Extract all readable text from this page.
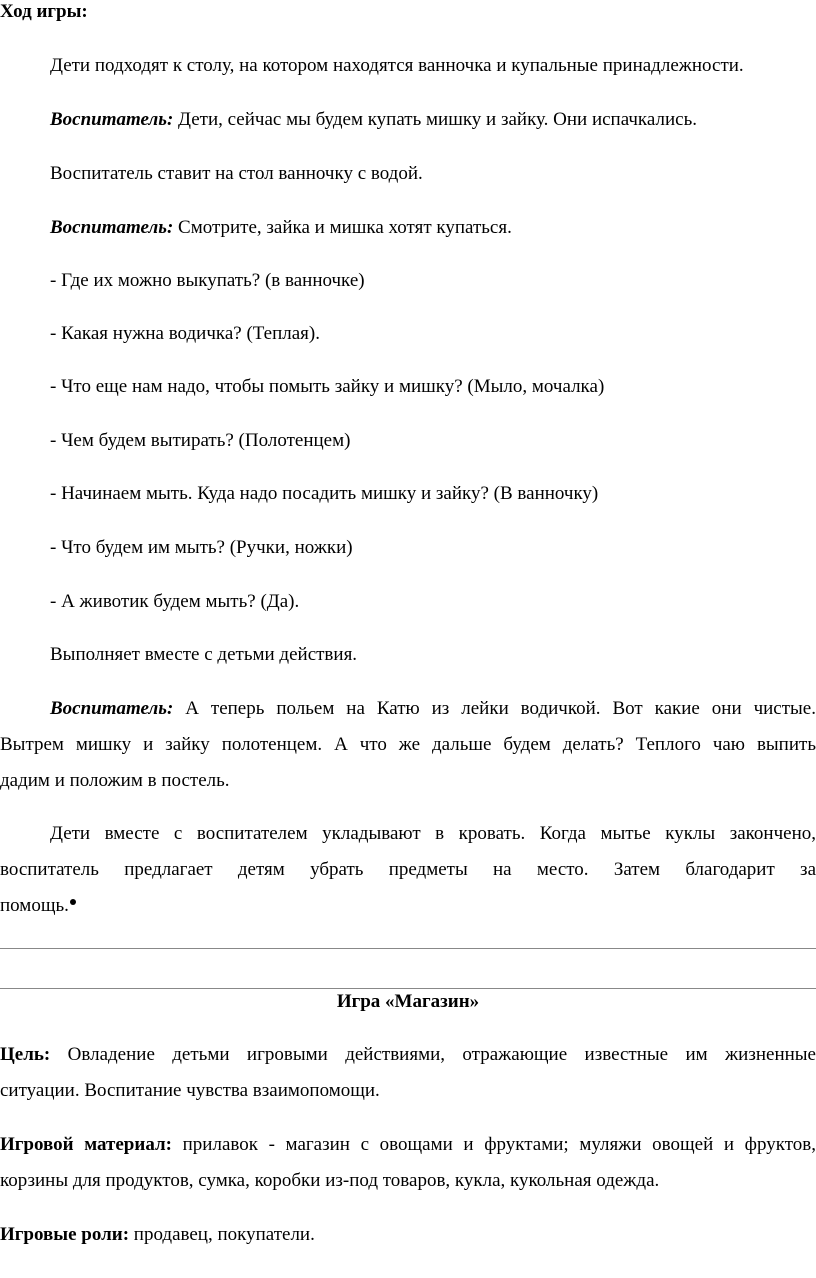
Ход игры:
Дети подходят к столу, на котором находятся ванночка и купальные принадлежности.
Воспитатель: Дети, сейчас мы будем купать мишку и зайку. Они испачкались.
Воспитатель ставит на стол ванночку с водой.
Воспитатель: Смотрите, зайка и мишка хотят купаться.
- Где их можно выкупать? (в ванночке)
- Какая нужна водичка? (Теплая).
- Что еще нам надо, чтобы помыть зайку и мишку? (Мыло, мочалка)
- Чем будем вытирать? (Полотенцем)
- Начинаем мыть. Куда надо посадить мишку и зайку? (В ванночку)
- Что будем им мыть? (Ручки, ножки)
- А животик будем мыть? (Да).
Выполняет вместе с детьми действия.
Воспитатель: А теперь польем на Катю из лейки водичкой. Вот какие они чистые.
Вытрем мишку и зайку полотенцем. А что же дальше будем делать? Теплого чаю выпить
дадим и положим в постель.
Дети вместе с воспитателем укладывают в кровать. Когда мытье куклы закончено,
воспитатель предлагает детям убрать предметы на место. Затем благодарит за
помощь.
Игра «Магазин»
Цель: Овладение детьми игровыми действиями, отражающие известные им жизненные
ситуации. Воспитание чувства взаимопомощи.
Игровой материал: прилавок - магазин с овощами и фруктами; муляжи овощей и фруктов,
корзины для продуктов, сумка, коробки из-под товаров, кукла, кукольная одежда.
Игровые роли: продавец, покупатели.
